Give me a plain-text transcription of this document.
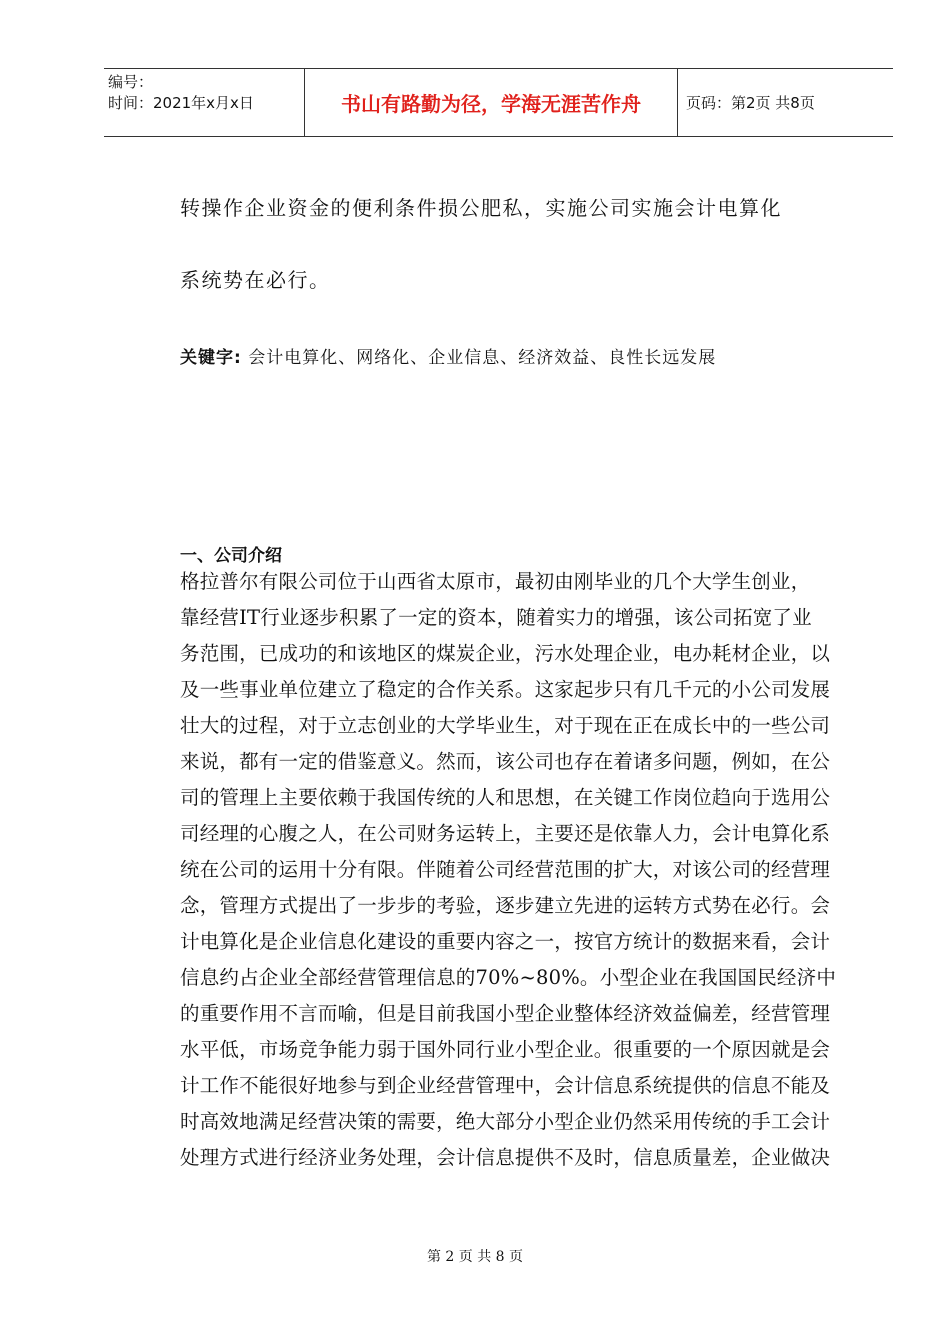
编号：
时间：2021年x月x日	书山有路勤为径，学海无涯苦作舟	页码：第2页 共8页
转操作企业资金的便利条件损公肥私，实施公司实施会计电算化
系统势在必行。
关键字: 会计电算化、网络化、企业信息、经济效益、良性长远发展
一、公司介绍
格拉普尔有限公司位于山西省太原市，最初由刚毕业的几个大学生创业，
靠经营IT行业逐步积累了一定的资本，随着实力的增强，该公司拓宽了业
务范围，已成功的和该地区的煤炭企业，污水处理企业，电办耗材企业，以
及一些事业单位建立了稳定的合作关系。这家起步只有几千元的小公司发展
壮大的过程，对于立志创业的大学毕业生，对于现在正在成长中的一些公司
来说，都有一定的借鉴意义。然而，该公司也存在着诸多问题，例如，在公
司的管理上主要依赖于我国传统的人和思想，在关键工作岗位趋向于选用公
司经理的心腹之人，在公司财务运转上，主要还是依靠人力，会计电算化系
统在公司的运用十分有限。伴随着公司经营范围的扩大，对该公司的经营理
念，管理方式提出了一步步的考验，逐步建立先进的运转方式势在必行。会
计电算化是企业信息化建设的重要内容之一，按官方统计的数据来看，会计
信息约占企业全部经营管理信息的70%~80%。小型企业在我国国民经济中
的重要作用不言而喻，但是目前我国小型企业整体经济效益偏差，经营管理
水平低，市场竞争能力弱于国外同行业小型企业。很重要的一个原因就是会
计工作不能很好地参与到企业经营管理中，会计信息系统提供的信息不能及
时高效地满足经营决策的需要，绝大部分小型企业仍然采用传统的手工会计
处理方式进行经济业务处理，会计信息提供不及时，信息质量差，企业做决
第 2 页 共 8 页
